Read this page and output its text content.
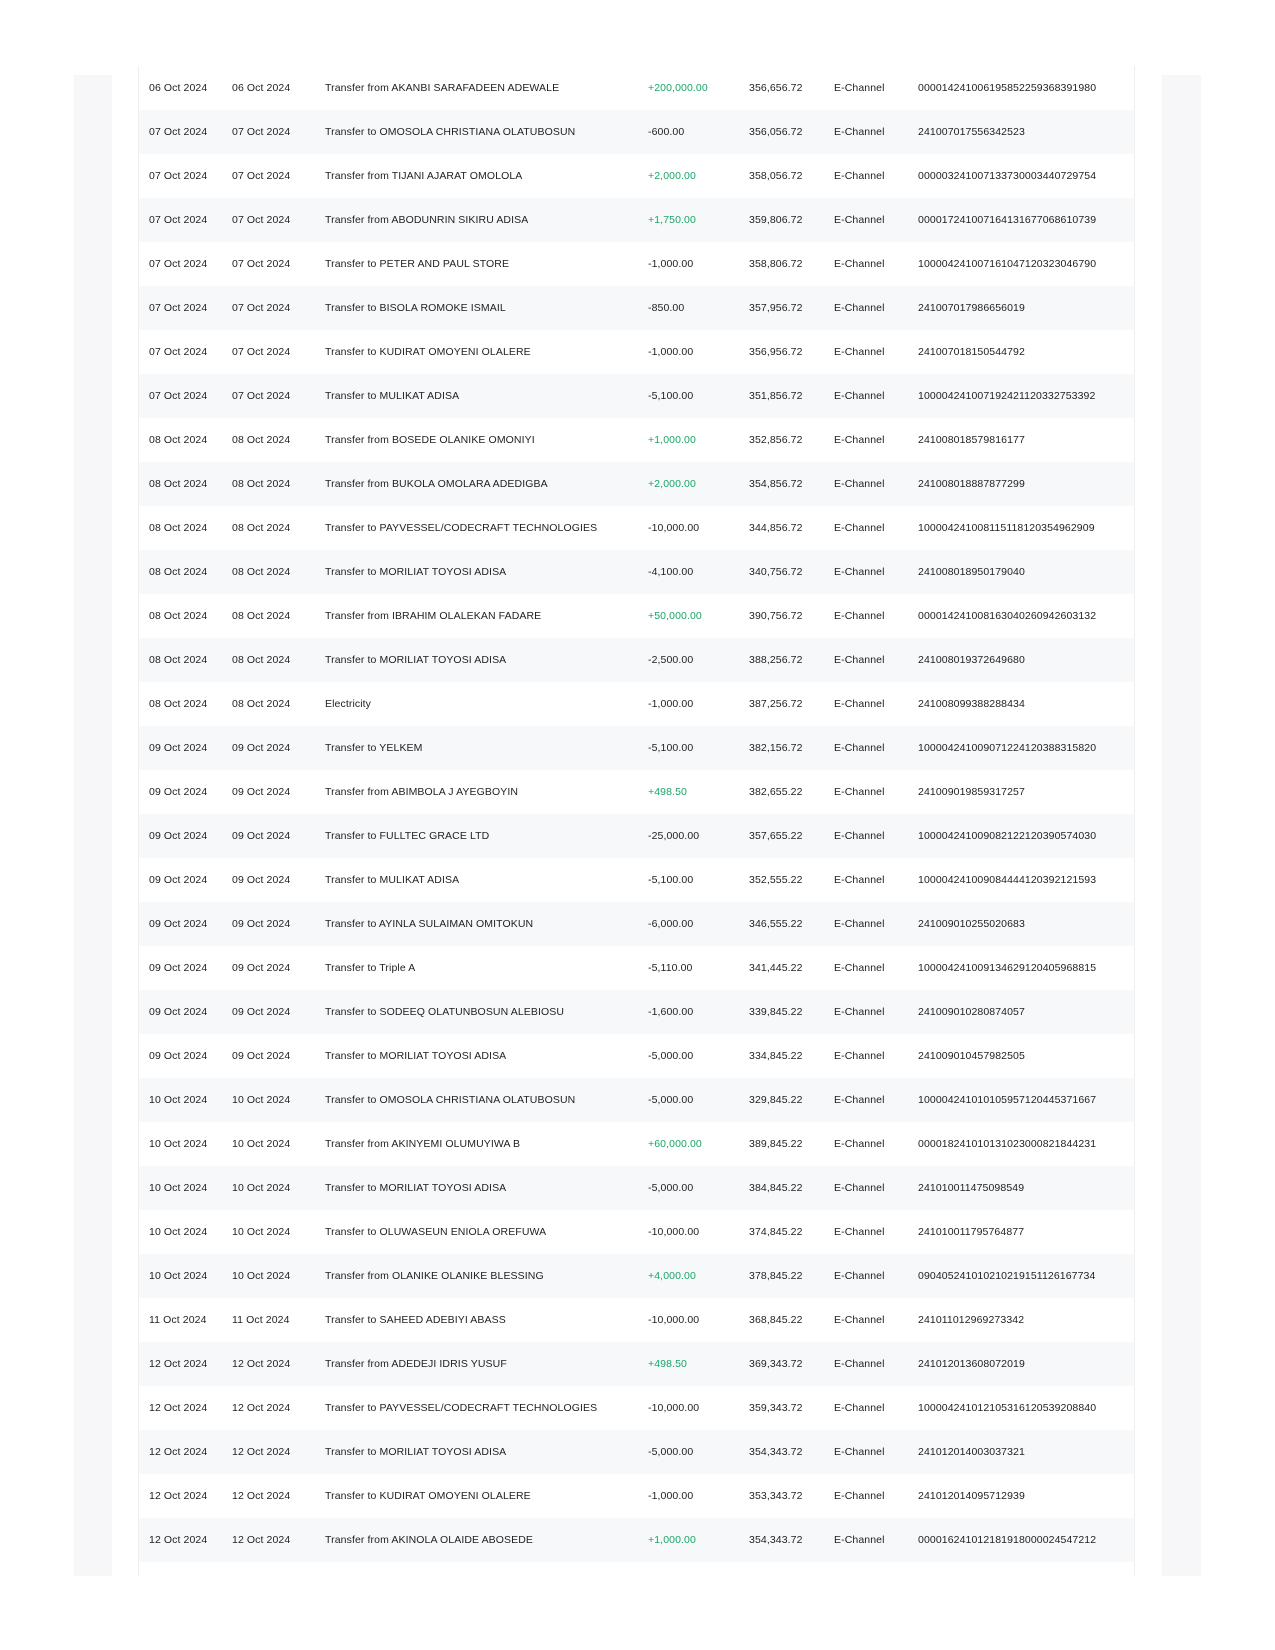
06 Oct 2024	06 Oct 2024	Transfer from AKANBI SARAFADEEN ADEWALE	+200,000.00	356,656.72	E-Channel	000014241006195852259368391980
07 Oct 2024	07 Oct 2024	Transfer to OMOSOLA CHRISTIANA OLATUBOSUN	-600.00	356,056.72	E-Channel	241007017556342523
07 Oct 2024	07 Oct 2024	Transfer from TIJANI AJARAT OMOLOLA	+2,000.00	358,056.72	E-Channel	000003241007133730003440729754
07 Oct 2024	07 Oct 2024	Transfer from ABODUNRIN SIKIRU ADISA	+1,750.00	359,806.72	E-Channel	000017241007164131677068610739
07 Oct 2024	07 Oct 2024	Transfer to PETER AND PAUL STORE	-1,000.00	358,806.72	E-Channel	100004241007161047120323046790
07 Oct 2024	07 Oct 2024	Transfer to BISOLA ROMOKE ISMAIL	-850.00	357,956.72	E-Channel	241007017986656019
07 Oct 2024	07 Oct 2024	Transfer to KUDIRAT OMOYENI OLALERE	-1,000.00	356,956.72	E-Channel	241007018150544792
07 Oct 2024	07 Oct 2024	Transfer to MULIKAT ADISA	-5,100.00	351,856.72	E-Channel	100004241007192421120332753392
08 Oct 2024	08 Oct 2024	Transfer from BOSEDE OLANIKE OMONIYI	+1,000.00	352,856.72	E-Channel	241008018579816177
08 Oct 2024	08 Oct 2024	Transfer from BUKOLA OMOLARA ADEDIGBA	+2,000.00	354,856.72	E-Channel	241008018887877299
08 Oct 2024	08 Oct 2024	Transfer to PAYVESSEL/CODECRAFT TECHNOLOGIES	-10,000.00	344,856.72	E-Channel	100004241008115118120354962909
08 Oct 2024	08 Oct 2024	Transfer to MORILIAT TOYOSI ADISA	-4,100.00	340,756.72	E-Channel	241008018950179040
08 Oct 2024	08 Oct 2024	Transfer from IBRAHIM OLALEKAN FADARE	+50,000.00	390,756.72	E-Channel	000014241008163040260942603132
08 Oct 2024	08 Oct 2024	Transfer to MORILIAT TOYOSI ADISA	-2,500.00	388,256.72	E-Channel	241008019372649680
08 Oct 2024	08 Oct 2024	Electricity	-1,000.00	387,256.72	E-Channel	241008099388288434
09 Oct 2024	09 Oct 2024	Transfer to YELKEM	-5,100.00	382,156.72	E-Channel	100004241009071224120388315820
09 Oct 2024	09 Oct 2024	Transfer from ABIMBOLA J AYEGBOYIN	+498.50	382,655.22	E-Channel	241009019859317257
09 Oct 2024	09 Oct 2024	Transfer to FULLTEC GRACE LTD	-25,000.00	357,655.22	E-Channel	100004241009082122120390574030
09 Oct 2024	09 Oct 2024	Transfer to MULIKAT ADISA	-5,100.00	352,555.22	E-Channel	100004241009084444120392121593
09 Oct 2024	09 Oct 2024	Transfer to AYINLA SULAIMAN OMITOKUN	-6,000.00	346,555.22	E-Channel	241009010255020683
09 Oct 2024	09 Oct 2024	Transfer to Triple A	-5,110.00	341,445.22	E-Channel	100004241009134629120405968815
09 Oct 2024	09 Oct 2024	Transfer to SODEEQ OLATUNBOSUN ALEBIOSU	-1,600.00	339,845.22	E-Channel	241009010280874057
09 Oct 2024	09 Oct 2024	Transfer to MORILIAT TOYOSI ADISA	-5,000.00	334,845.22	E-Channel	241009010457982505
10 Oct 2024	10 Oct 2024	Transfer to OMOSOLA CHRISTIANA OLATUBOSUN	-5,000.00	329,845.22	E-Channel	100004241010105957120445371667
10 Oct 2024	10 Oct 2024	Transfer from AKINYEMI OLUMUYIWA B	+60,000.00	389,845.22	E-Channel	000018241010131023000821844231
10 Oct 2024	10 Oct 2024	Transfer to MORILIAT TOYOSI ADISA	-5,000.00	384,845.22	E-Channel	241010011475098549
10 Oct 2024	10 Oct 2024	Transfer to OLUWASEUN ENIOLA OREFUWA	-10,000.00	374,845.22	E-Channel	241010011795764877
10 Oct 2024	10 Oct 2024	Transfer from OLANIKE OLANIKE BLESSING	+4,000.00	378,845.22	E-Channel	090405241010210219151126167734
11 Oct 2024	11 Oct 2024	Transfer to SAHEED ADEBIYI ABASS	-10,000.00	368,845.22	E-Channel	241011012969273342
12 Oct 2024	12 Oct 2024	Transfer from ADEDEJI IDRIS YUSUF	+498.50	369,343.72	E-Channel	241012013608072019
12 Oct 2024	12 Oct 2024	Transfer to PAYVESSEL/CODECRAFT TECHNOLOGIES	-10,000.00	359,343.72	E-Channel	100004241012105316120539208840
12 Oct 2024	12 Oct 2024	Transfer to MORILIAT TOYOSI ADISA	-5,000.00	354,343.72	E-Channel	241012014003037321
12 Oct 2024	12 Oct 2024	Transfer to KUDIRAT OMOYENI OLALERE	-1,000.00	353,343.72	E-Channel	241012014095712939
12 Oct 2024	12 Oct 2024	Transfer from AKINOLA OLAIDE ABOSEDE	+1,000.00	354,343.72	E-Channel	000016241012181918000024547212
